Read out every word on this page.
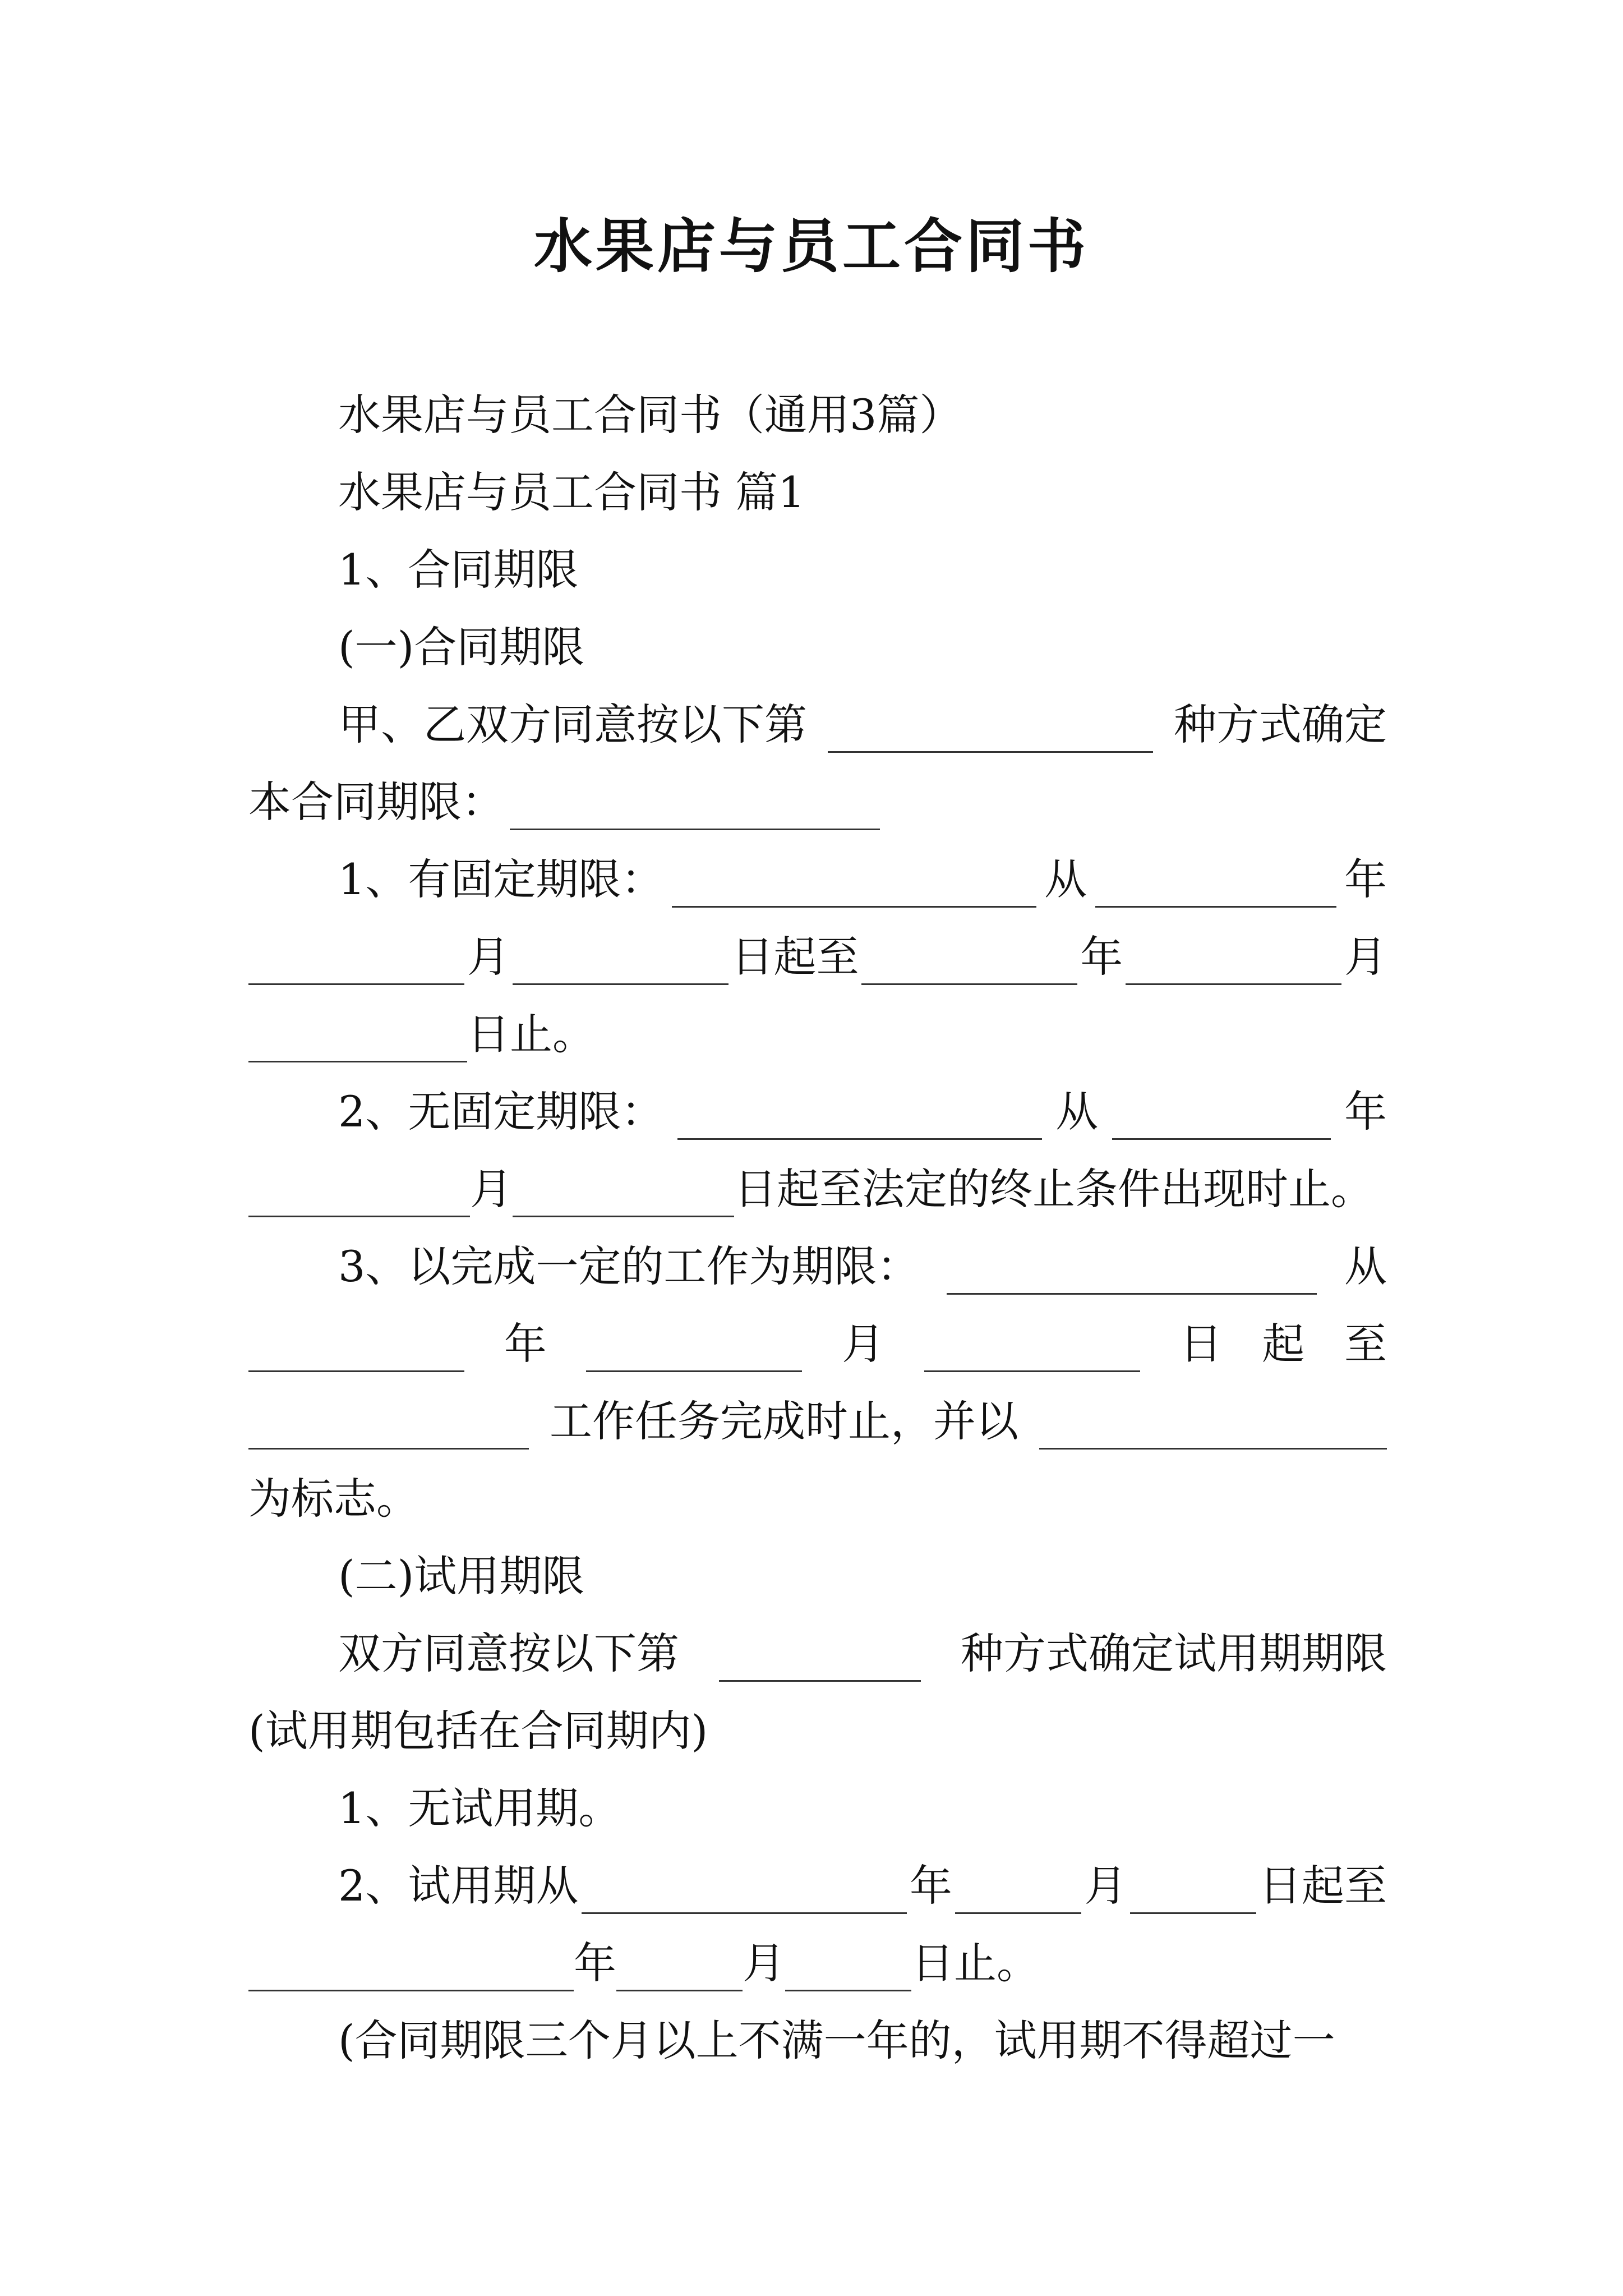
水果店与员工合同书
水果店与员工合同书（通用3篇）
水果店与员工合同书 篇1
1、合同期限
(一)合同期限
甲、乙双方同意按以下第	种方式确定
本合同期限：
1、有固定期限：	从	年
月	日起至	年	月
日止。
2、无固定期限：	从	年
月	日起至法定的终止条件出现时止。
3、以完成一定的工作为期限：	从
年	月	日 起 至
工作任务完成时止，并以
为标志。
(二)试用期限
双方同意按以下第	种方式确定试用期期限
(试用期包括在合同期内)
1、无试用期。
2、试用期从	年	月	日起至
年	月	日止。
(合同期限三个月以上不满一年的，试用期不得超过一
